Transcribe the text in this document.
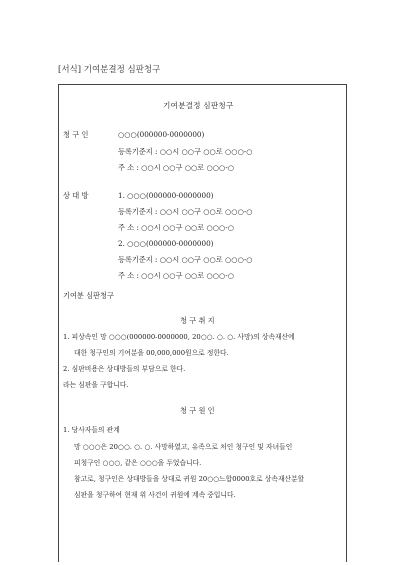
[서식] 기여분결정 심판청구
기여분결정 심판청구
청 구 인	○○○(000000-0000000)
등록기준지 : ○○시 ○○구 ○○로 ○○○-○
주 소 : ○○시 ○○구 ○○로 ○○○-○
상 대 방	1. ○○○(000000-0000000)
등록기준지 : ○○시 ○○구 ○○로 ○○○-○
주 소 : ○○시 ○○구 ○○로 ○○○-○
2. ○○○(000000-0000000)
등록기준지 : ○○시 ○○구 ○○로 ○○○-○
주 소 : ○○시 ○○구 ○○로 ○○○-○
기여분 심판청구
청 구 취 지
1. 피상속인 망 ○○○(000000-0000000, 20○○. ○. ○. 사망)의 상속재산에
대한 청구인의 기여분을 00,000,000원으로 정한다.
2. 심판비용은 상대방들의 부담으로 한다.
라는 심판을 구합니다.
청 구 원 인
1. 당사자들의 관계
망 ○○○은 20○○. ○. ○. 사망하였고, 유족으로 처인 청구인 및 자녀들인
피청구인 ○○○, 같은 ○○○을 두었습니다.
참고로, 청구인은 상대방들을 상대로 귀원 20○○느합0000호로 상속재산분할
심판을 청구하여 현재 위 사건이 귀원에 계속 중입니다.
